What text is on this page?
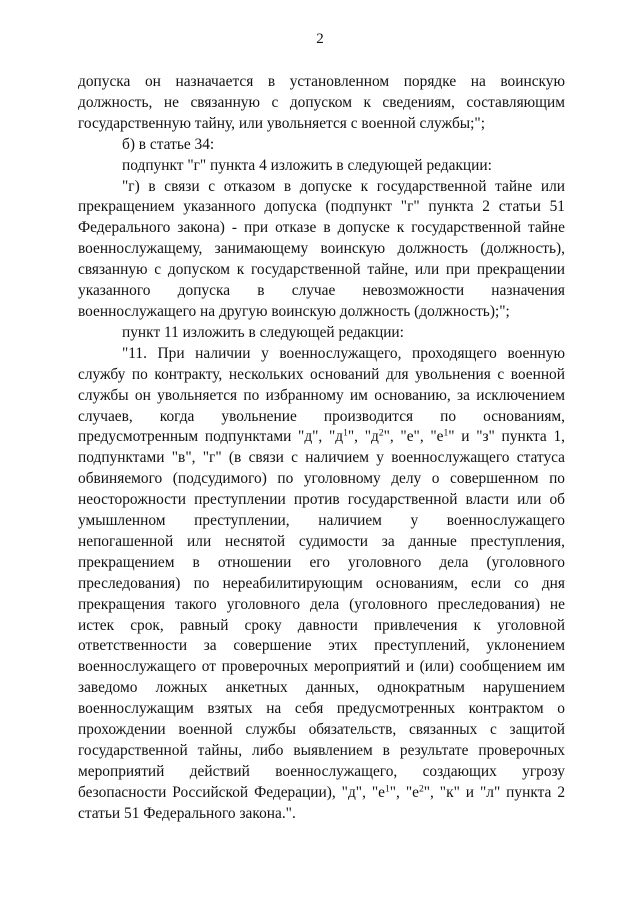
2

допуска он назначается в установленном порядке на воинскую должность, не связанную с допуском к сведениям, составляющим государственную тайну, или увольняется с военной службы;";

б) в статье 34:

подпункт "г" пункта 4 изложить в следующей редакции:

"г) в связи с отказом в допуске к государственной тайне или прекращением указанного допуска (подпункт "г" пункта 2 статьи 51 Федерального закона) - при отказе в допуске к государственной тайне военнослужащему, занимающему воинскую должность (должность), связанную с допуском к государственной тайне, или при прекращении указанного допуска в случае невозможности назначения военнослужащего на другую воинскую должность (должность);";

пункт 11 изложить в следующей редакции:

"11. При наличии у военнослужащего, проходящего военную службу по контракту, нескольких оснований для увольнения с военной службы он увольняется по избранному им основанию, за исключением случаев, когда увольнение производится по основаниям, предусмотренным подпунктами "д", "$д^1$", "$д^2$", "е", "$е^1$" и "з" пункта 1, подпунктами "в", "г" (в связи с наличием у военнослужащего статуса обвиняемого (подсудимого) по уголовному делу о совершенном по неосторожности преступлении против государственной власти или об умышленном преступлении, наличием у военнослужащего непогашенной или неснятой судимости за данные преступления, прекращением в отношении его уголовного дела (уголовного преследования) по нереабилитирующим основаниям, если со дня прекращения такого уголовного дела (уголовного преследования) не истек срок, равный сроку давности привлечения к уголовной ответственности за совершение этих преступлений, уклонением военнослужащего от проверочных мероприятий и (или) сообщением им заведомо ложных анкетных данных, однократным нарушением военнослужащим взятых на себя предусмотренных контрактом о прохождении военной службы обязательств, связанных с защитой государственной тайны, либо выявлением в результате проверочных мероприятий действий военнослужащего, создающих угрозу безопасности Российской Федерации), "д", "$е^1$", "$е^2$", "к" и "л" пункта 2 статьи 51 Федерального закона.".
